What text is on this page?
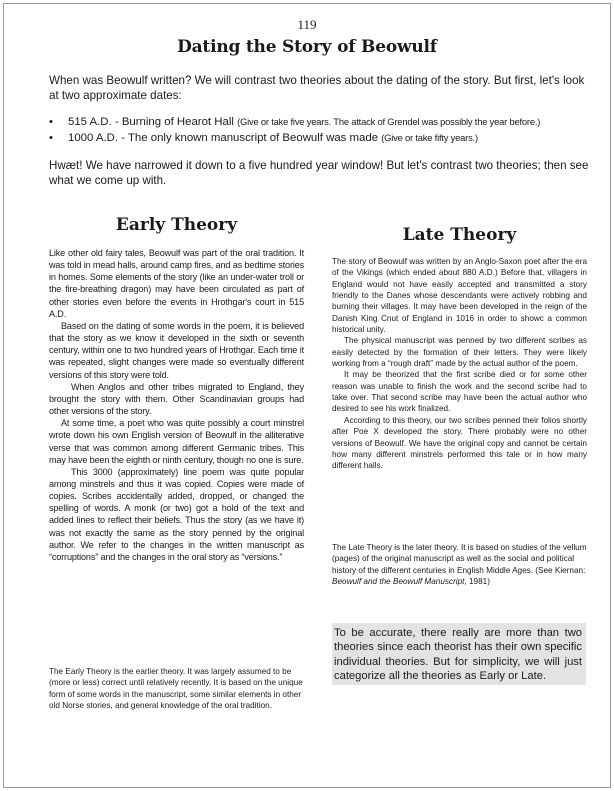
119
Dating the Story of Beowulf

When was Beowulf written? We will contrast two theories about the dating of the story. But first, let's look at two approximate dates:

• 515 A.D. - Burning of Hearot Hall (Give or take five years. The attack of Grendel was possibly the year before.)
• 1000 A.D. - The only known manuscript of Beowulf was made (Give or take fifty years.)

Hwæt! We have narrowed it down to a five hundred year window! But let's contrast two theories; then see what we come up with.

Early Theory

Like other old fairy tales, Beowulf was part of the oral tradition. It was told in mead halls, around camp fires, and as bedtime stories in homes. Some elements of the story (like an under-water troll or the fire-breathing dragon) may have been circulated as part of other stories even before the events in Hrothgar's court in 515 A.D.

Based on the dating of some words in the poem, it is believed that the story as we know it developed in the sixth or seventh century, within one to two hundred years of Hrothgar. Each time it was repeated, slight changes were made so eventually different versions of this story were told.

When Anglos and other tribes migrated to England, they brought the story with them. Other Scandinavian groups had other versions of the story.

At some time, a poet who was quite possibly a court minstrel wrote down his own English version of Beowulf in the alliterative verse that was common among different Germanic tribes. This may have been the eighth or ninth century, though no one is sure.

This 3000 (approximately) line poem was quite popular among minstrels and thus it was copied. Copies were made of copies. Scribes accidentally added, dropped, or changed the spelling of words. A monk (or two) got a hold of the text and added lines to reflect their beliefs. Thus the story (as we have it) was not exactly the same as the story penned by the original author. We refer to the changes in the written manuscript as “corruptions” and the changes in the oral story as “versions.”

The Early Theory is the earlier theory. It was largely assumed to be (more or less) correct until relatively recently. It is based on the unique form of some words in the manuscript, some similar elements in other old Norse stories, and general knowledge of the oral tradition.

Late Theory

The story of Beowulf was written by an Anglo-Saxon poet after the era of the Vikings (which ended about 880 A.D.) Before that, villagers in England would not have easily accepted and transmitted a story friendly to the Danes whose descendants were actively robbing and burning their villages. It may have been developed in the reign of the Danish King Cnut of England in 1016 in order to showc a common historical unity.

The physical manuscript was penned by two different scribes as easily detected by the formation of their letters. They were likely working from a “rough draft” made by the actual author of the poem.

It may be theorized that the first scribe died or for some other reason was unable to finish the work and the second scribe had to take over. That second scribe may have been the actual author who desired to see his work finalized.

According to this theory, our two scribes penned their folios shortly after Poe X developed the story. There probably were no other versions of Beowulf. We have the original copy and cannot be certain how many different minstrels performed this tale or in how many different halls.

The Late Theory is the later theory. It is based on studies of the vellum (pages) of the original manuscript as well as the social and political history of the different centuries in English Middle Ages. (See Kiernan: Beowulf and the Beowulf Manuscript, 1981)

To be accurate, there really are more than two theories since each theorist has their own specific individual theories. But for simplicity, we will just categorize all the theories as Early or Late.
